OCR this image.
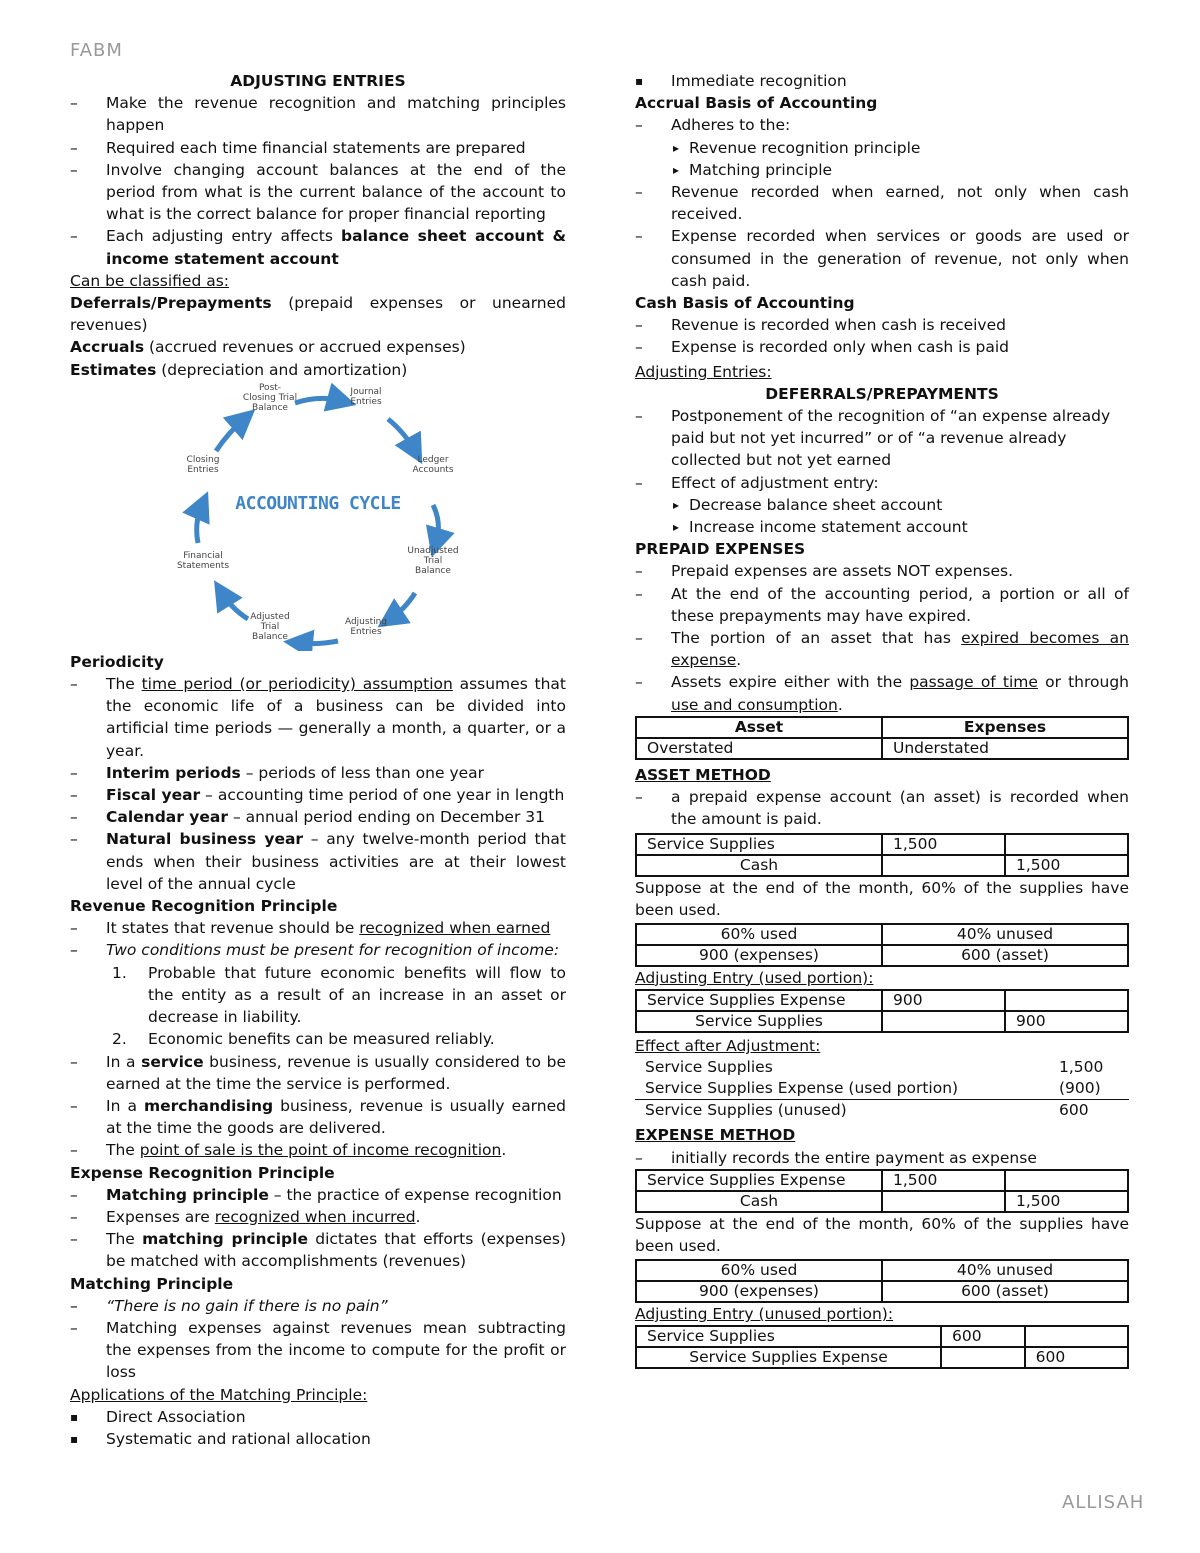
FABM
ADJUSTING ENTRIES
– Make the revenue recognition and matching principles happen
– Required each time financial statements are prepared
– Involve changing account balances at the end of the period from what is the current balance of the account to what is the correct balance for proper financial reporting
– Each adjusting entry affects balance sheet account & income statement account
Can be classified as:
Deferrals/Prepayments (prepaid expenses or unearned revenues)
Accruals (accrued revenues or accrued expenses)
Estimates (depreciation and amortization)
Post-
Closing Trial
Balance
Journal
Entries
Ledger
Accounts
Unadjusted
Trial
Balance
Adjusting
Entries
Adjusted
Trial
Balance
Financial
Statements
Closing
Entries
ACCOUNTING CYCLE
Periodicity
– The time period (or periodicity) assumption assumes that the economic life of a business can be divided into artificial time periods — generally a month, a quarter, or a year.
– Interim periods – periods of less than one year
– Fiscal year – accounting time period of one year in length
– Calendar year – annual period ending on December 31
– Natural business year – any twelve-month period that ends when their business activities are at their lowest level of the annual cycle
Revenue Recognition Principle
– It states that revenue should be recognized when earned
– Two conditions must be present for recognition of income:
1. Probable that future economic benefits will flow to the entity as a result of an increase in an asset or decrease in liability.
2. Economic benefits can be measured reliably.
– In a service business, revenue is usually considered to be earned at the time the service is performed.
– In a merchandising business, revenue is usually earned at the time the goods are delivered.
– The point of sale is the point of income recognition.
Expense Recognition Principle
– Matching principle – the practice of expense recognition
– Expenses are recognized when incurred.
– The matching principle dictates that efforts (expenses) be matched with accomplishments (revenues)
Matching Principle
– “There is no gain if there is no pain”
– Matching expenses against revenues mean subtracting the expenses from the income to compute for the profit or loss
Applications of the Matching Principle:
▪ Direct Association
▪ Systematic and rational allocation
▪ Immediate recognition
Accrual Basis of Accounting
– Adheres to the:
▸ Revenue recognition principle
▸ Matching principle
– Revenue recorded when earned, not only when cash received.
– Expense recorded when services or goods are used or consumed in the generation of revenue, not only when cash paid.
Cash Basis of Accounting
– Revenue is recorded when cash is received
– Expense is recorded only when cash is paid
Adjusting Entries:
DEFERRALS/PREPAYMENTS
– Postponement of the recognition of “an expense already paid but not yet incurred” or of “a revenue already collected but not yet earned
– Effect of adjustment entry:
▸ Decrease balance sheet account
▸ Increase income statement account
PREPAID EXPENSES
– Prepaid expenses are assets NOT expenses.
– At the end of the accounting period, a portion or all of these prepayments may have expired.
– The portion of an asset that has expired becomes an expense.
– Assets expire either with the passage of time or through use and consumption.
Asset	Expenses
Overstated	Understated
ASSET METHOD
– a prepaid expense account (an asset) is recorded when the amount is paid.
Service Supplies	1,500	
Cash		1,500
Suppose at the end of the month, 60% of the supplies have been used.
60% used	40% unused
900 (expenses)	600 (asset)
Adjusting Entry (used portion):
Service Supplies Expense	900	
Service Supplies		900
Effect after Adjustment:
Service Supplies	1,500
Service Supplies Expense (used portion)	(900)
Service Supplies (unused)	600
EXPENSE METHOD
– initially records the entire payment as expense
Service Supplies Expense	1,500	
Cash		1,500
Suppose at the end of the month, 60% of the supplies have been used.
60% used	40% unused
900 (expenses)	600 (asset)
Adjusting Entry (unused portion):
Service Supplies	600	
Service Supplies Expense		600
ALLISAH
